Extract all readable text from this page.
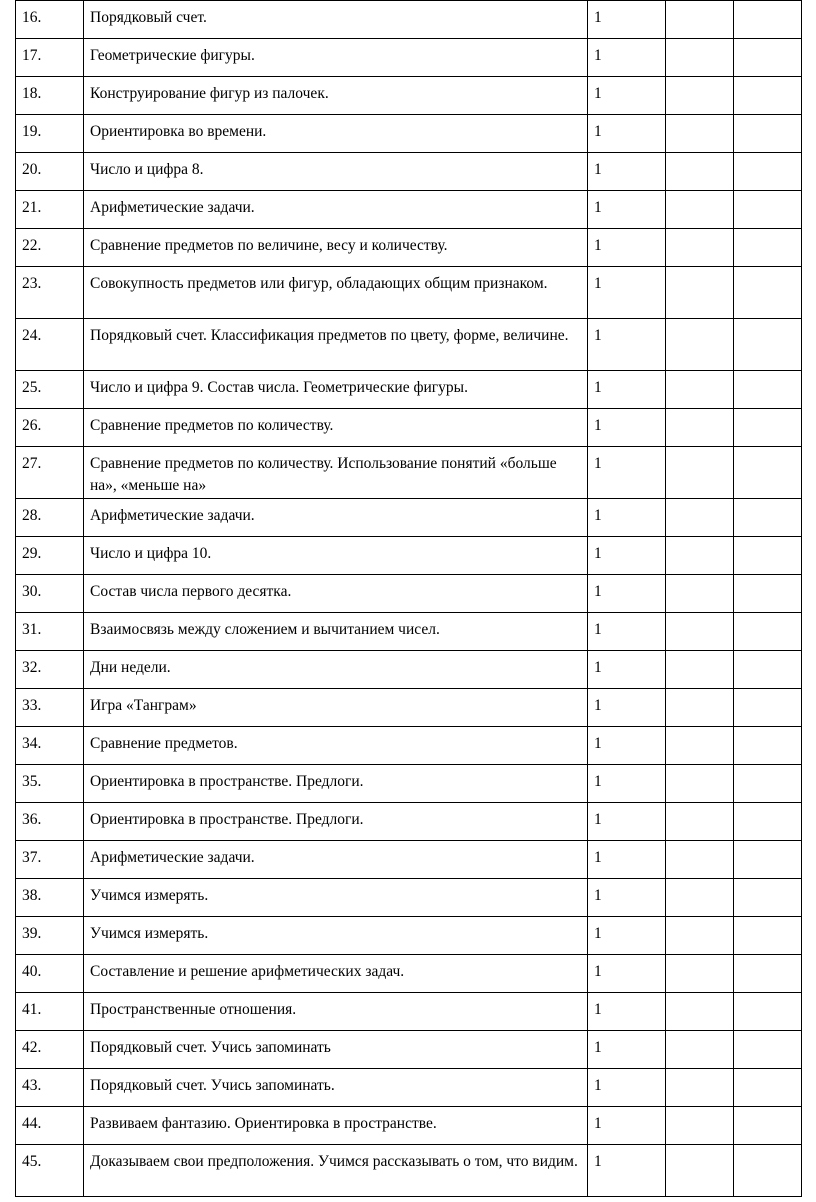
16.	Порядковый счет.	1		
17.	Геометрические фигуры.	1		
18.	Конструирование фигур из палочек.	1		
19.	Ориентировка во времени.	1		
20.	Число и цифра 8.	1		
21.	Арифметические задачи.	1		
22.	Сравнение предметов по величине, весу и количеству.	1		
23.	Совокупность предметов или фигур, обладающих общим признаком.	1		
24.	Порядковый счет. Классификация предметов по цвету, форме, величине.	1		
25.	Число и цифра 9. Состав числа. Геометрические фигуры.	1		
26.	Сравнение предметов по количеству.	1		
27.	Сравнение предметов по количеству. Использование понятий «больше на», «меньше на»	1		
28.	Арифметические задачи.	1		
29.	Число и цифра 10.	1		
30.	Состав числа первого десятка.	1		
31.	Взаимосвязь между сложением и вычитанием чисел.	1		
32.	Дни недели.	1		
33.	Игра «Танграм»	1		
34.	Сравнение предметов.	1		
35.	Ориентировка в пространстве. Предлоги.	1		
36.	Ориентировка в пространстве. Предлоги.	1		
37.	Арифметические задачи.	1		
38.	Учимся измерять.	1		
39.	Учимся измерять.	1		
40.	Составление и решение арифметических задач.	1		
41.	Пространственные отношения.	1		
42.	Порядковый счет. Учись запоминать	1		
43.	Порядковый счет. Учись запоминать.	1		
44.	Развиваем фантазию. Ориентировка в пространстве.	1		
45.	Доказываем свои предположения. Учимся рассказывать о том, что видим.	1		
